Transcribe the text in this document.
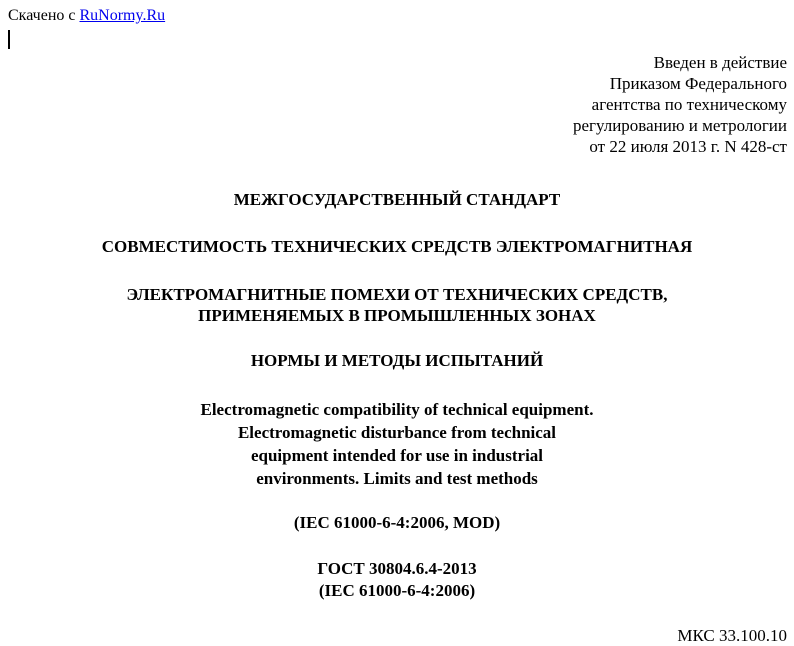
Скачено с RuNormy.Ru
Введен в действие
Приказом Федерального
агентства по техническому
регулированию и метрологии
от 22 июля 2013 г. N 428-ст
МЕЖГОСУДАРСТВЕННЫЙ СТАНДАРТ
СОВМЕСТИМОСТЬ ТЕХНИЧЕСКИХ СРЕДСТВ ЭЛЕКТРОМАГНИТНАЯ
ЭЛЕКТРОМАГНИТНЫЕ ПОМЕХИ ОТ ТЕХНИЧЕСКИХ СРЕДСТВ,
ПРИМЕНЯЕМЫХ В ПРОМЫШЛЕННЫХ ЗОНАХ
НОРМЫ И МЕТОДЫ ИСПЫТАНИЙ
Electromagnetic compatibility of technical equipment.
Electromagnetic disturbance from technical
equipment intended for use in industrial
environments. Limits and test methods
(IEC 61000-6-4:2006, MOD)
ГОСТ 30804.6.4-2013
(IEC 61000-6-4:2006)
МКС 33.100.10
